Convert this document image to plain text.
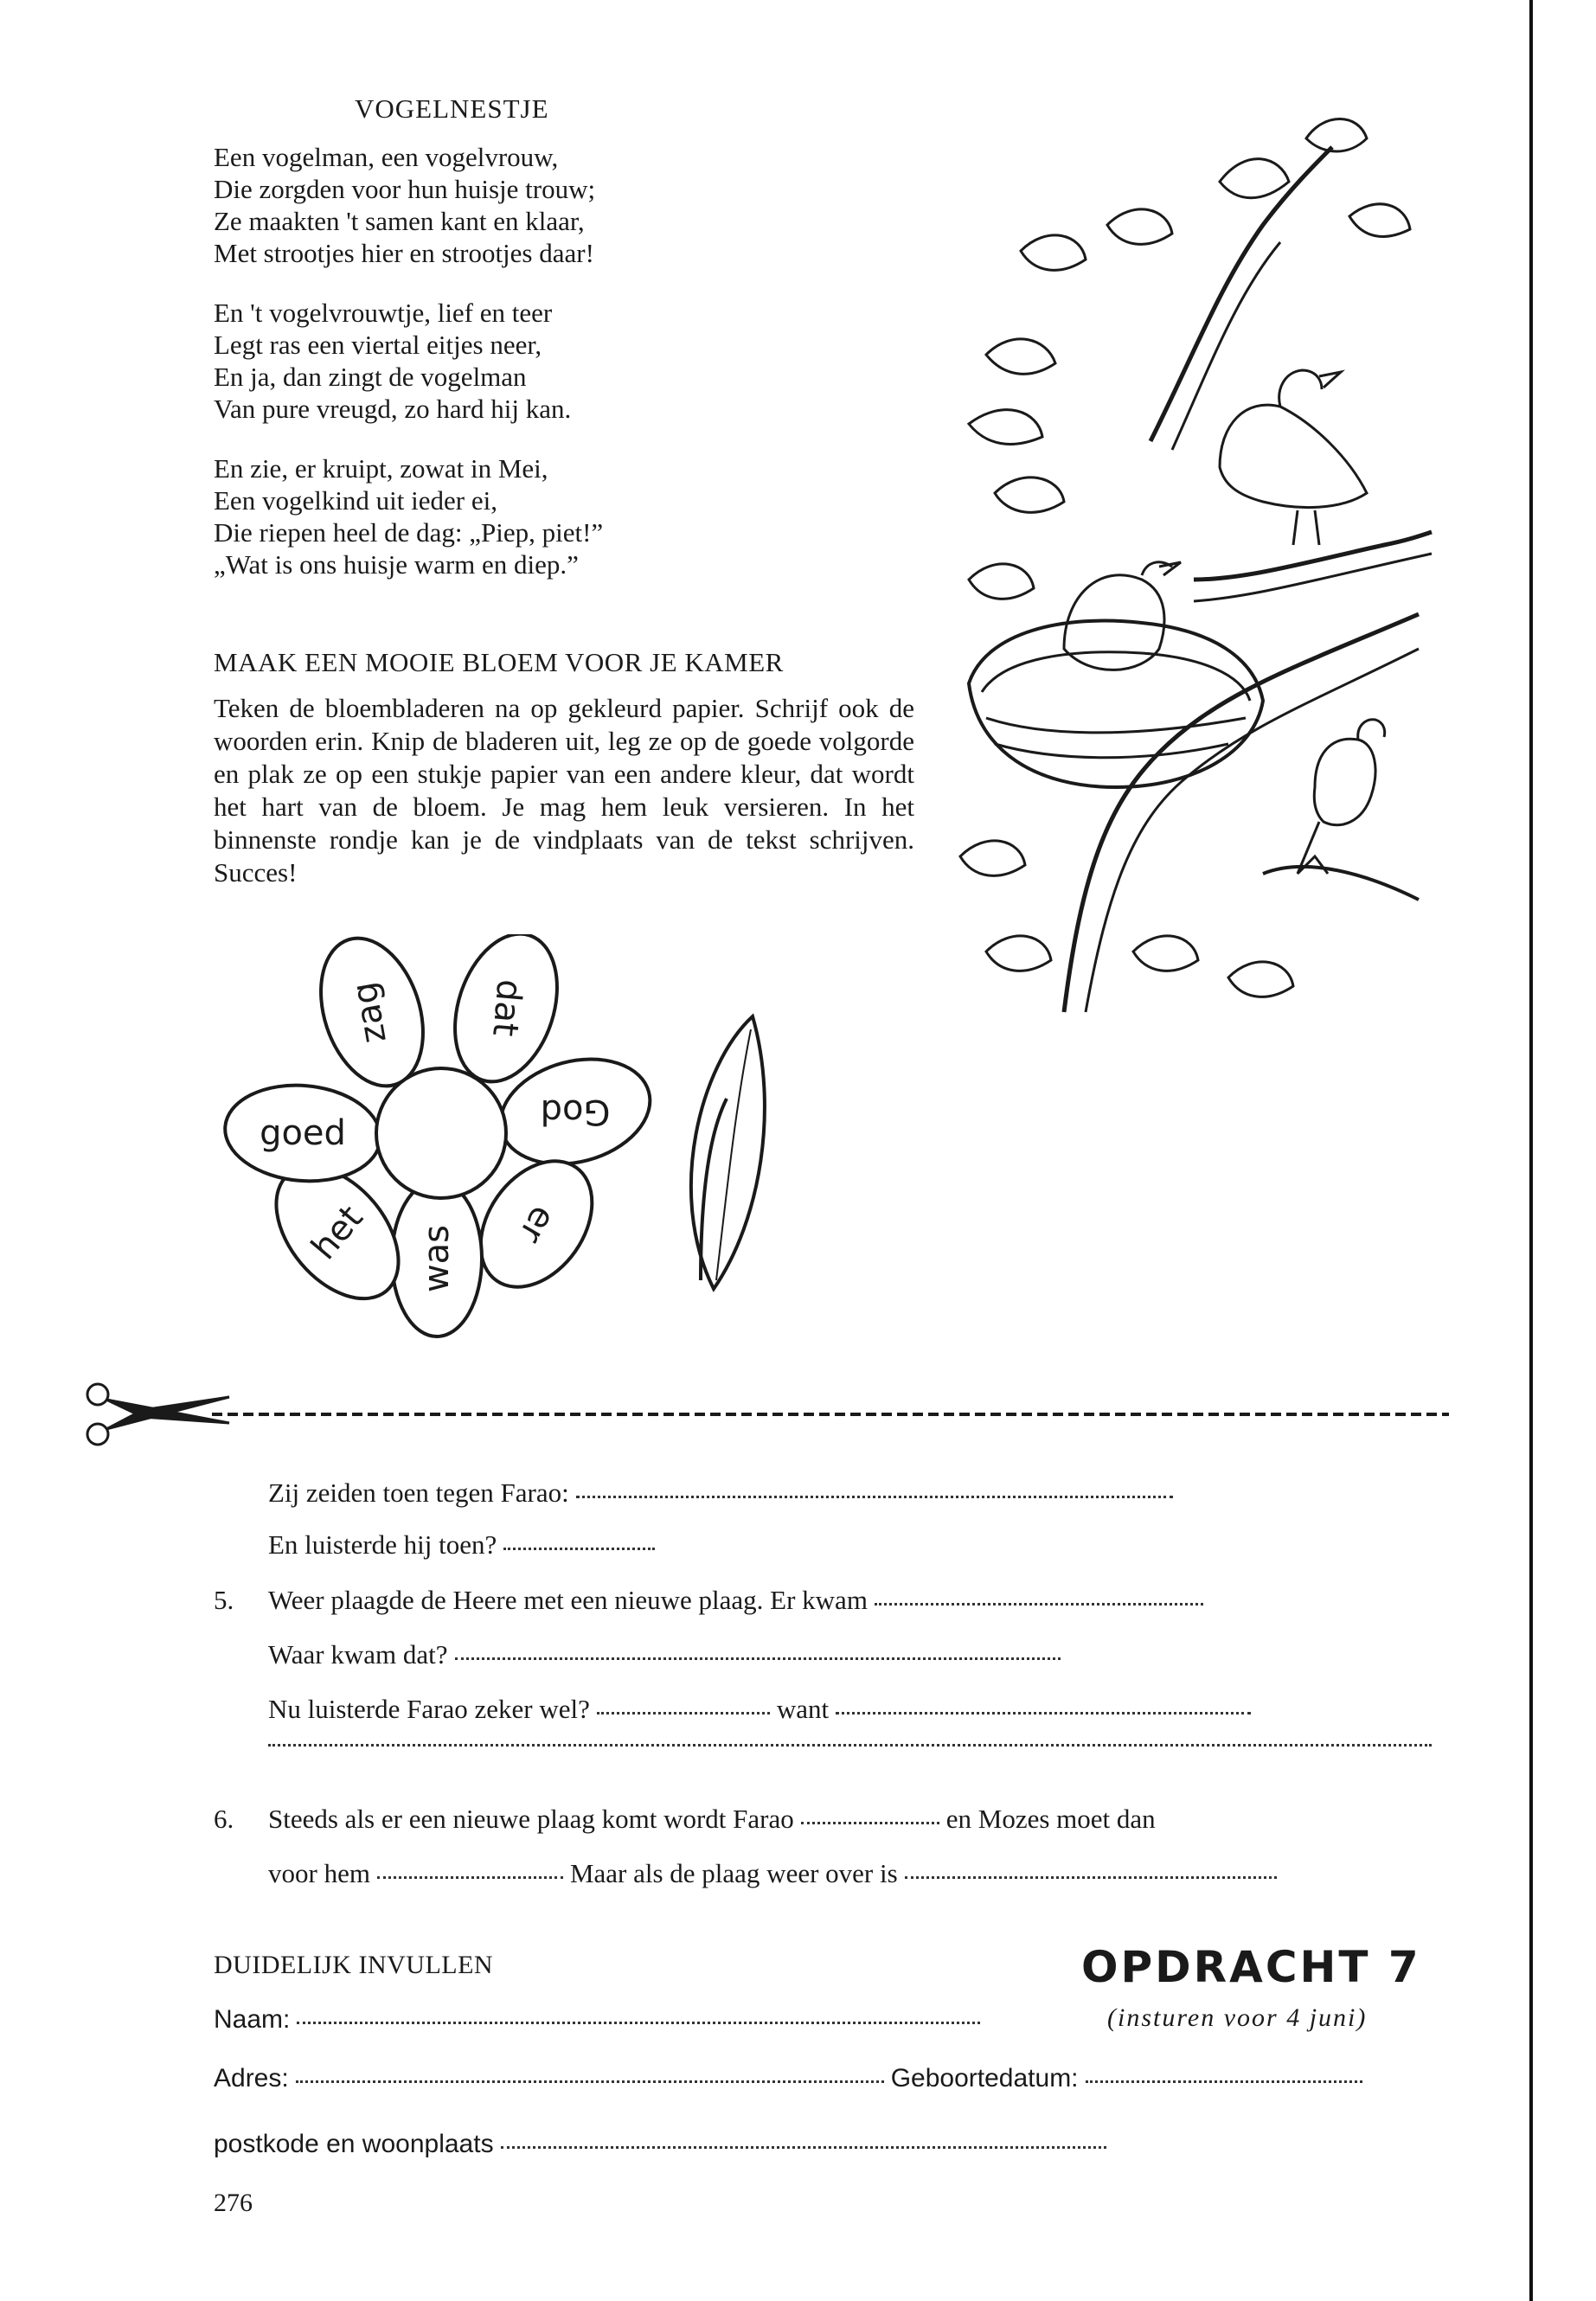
VOGELNESTJE
Een vogelman, een vogelvrouw,
Die zorgden voor hun huisje trouw;
Ze maakten 't samen kant en klaar,
Met strootjes hier en strootjes daar!
En 't vogelvrouwtje, lief en teer
Legt ras een viertal eitjes neer,
En ja, dan zingt de vogelman
Van pure vreugd, zo hard hij kan.
En zie, er kruipt, zowat in Mei,
Een vogelkind uit ieder ei,
Die riepen heel de dag: „Piep, piet!”
„Wat is ons huisje warm en diep.”
MAAK EEN MOOIE BLOEM VOOR JE KAMER
Teken de bloembladeren na op gekleurd papier. Schrijf ook de woorden erin. Knip de bladeren uit, leg ze op de goede volgorde en plak ze op een stukje papier van een andere kleur, dat wordt het hart van de bloem. Je mag hem leuk versieren. In het binnenste rondje kan je de vindplaats van de tekst schrijven. Succes!
zag	dat
God
er
was
het
goed
Zij zeiden toen tegen Farao:
En luisterde hij toen?
5. Weer plaagde de Heere met een nieuwe plaag. Er kwam
Waar kwam dat?
Nu luisterde Farao zeker wel?	want
6. Steeds als er een nieuwe plaag komt wordt Farao	en Mozes moet dan
voor hem	Maar als de plaag weer over is
DUIDELIJK INVULLEN	OPDRACHT 7
(insturen voor 4 juni)
Naam:
Adres:	Geboortedatum:
postkode en woonplaats
276
